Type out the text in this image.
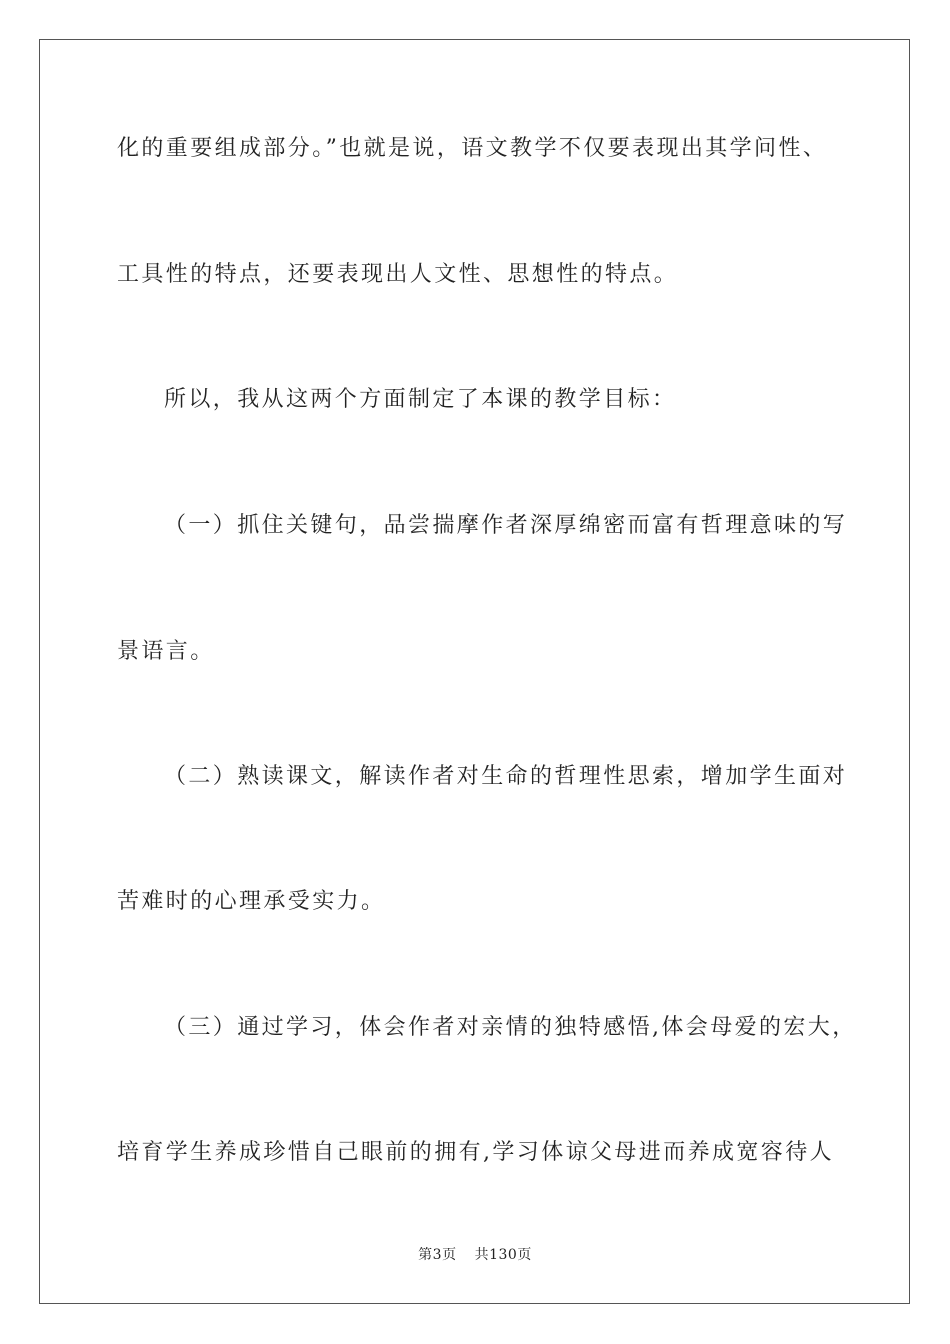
化的重要组成部分。”也就是说，语文教学不仅要表现出其学问性、
工具性的特点，还要表现出人文性、思想性的特点。
所以，我从这两个方面制定了本课的教学目标：
（一）抓住关键句，品尝揣摩作者深厚绵密而富有哲理意味的写
景语言。
（二）熟读课文，解读作者对生命的哲理性思索，增加学生面对
苦难时的心理承受实力。
（三）通过学习，体会作者对亲情的独特感悟,体会母爱的宏大，
培育学生养成珍惜自己眼前的拥有,学习体谅父母进而养成宽容待人
第3页 共130页
